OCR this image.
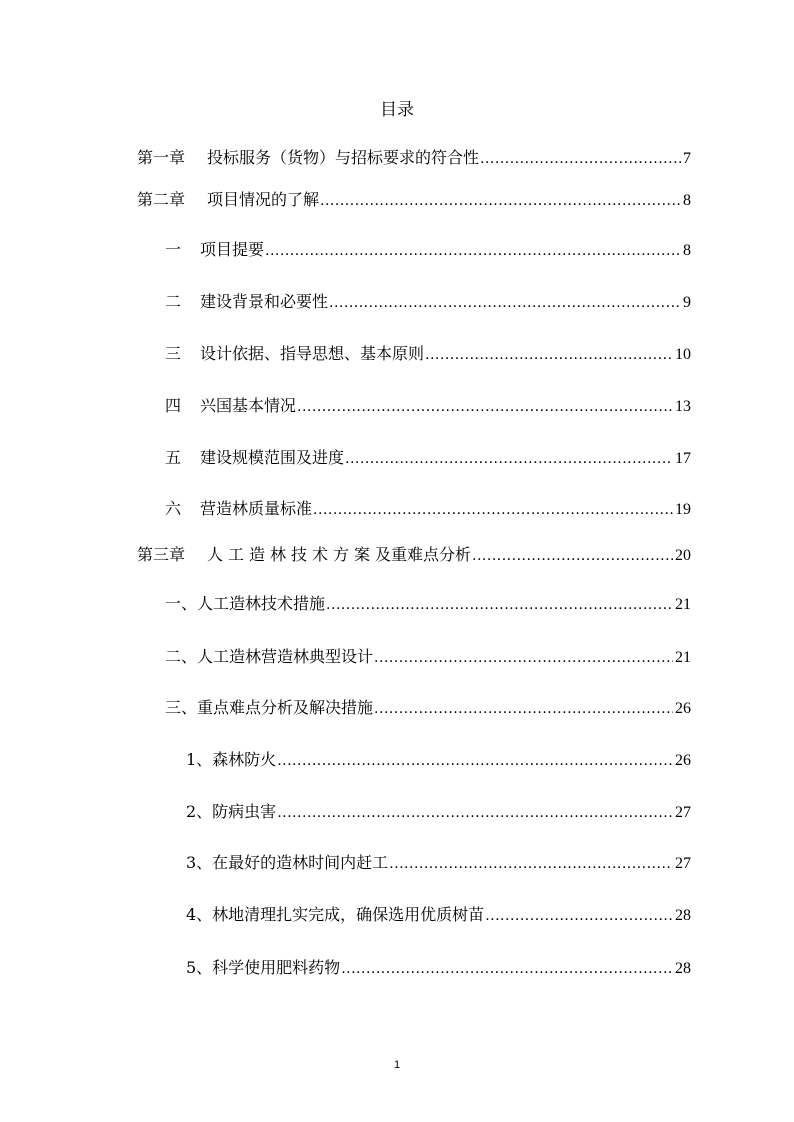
目录
第一章	投标服务（货物）与招标要求的符合性 .....	7
第二章	项目情况的了解 .....	8
一	项目提要 .....	8
二	建设背景和必要性 .....	9
三	设计依据、指导思想、基本原则 .....	10
四	兴国基本情况 .....	13
五	建设规模范围及进度 .....	17
六	营造林质量标准 .....	19
第三章	人工造林技术方案 及重难点分析 .....	20
一、人工造林技术措施 .....	21
二、人工造林营造林典型设计 .....	21
三、重点难点分析及解决措施 .....	26
1、森林防火 .....	26
2、防病虫害 .....	27
3、在最好的造林时间内赶工 .....	27
4、林地清理扎实完成，确保选用优质树苗 .....	28
5、科学使用肥料药物 .....	28
1
